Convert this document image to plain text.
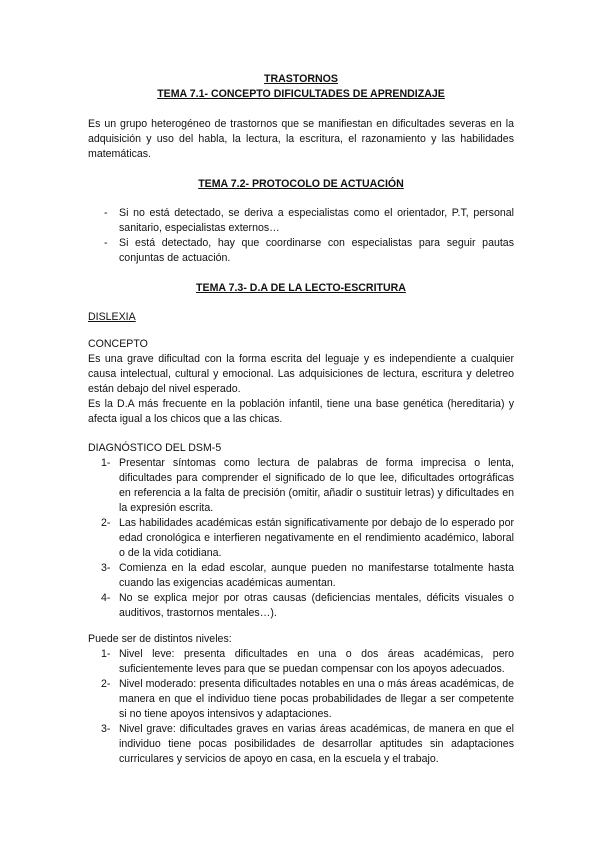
TRASTORNOS
TEMA 7.1- CONCEPTO DIFICULTADES DE APRENDIZAJE

Es un grupo heterogéneo de trastornos que se manifiestan en dificultades severas en la adquisición y uso del habla, la lectura, la escritura, el razonamiento y las habilidades matemáticas.

TEMA 7.2- PROTOCOLO DE ACTUACIÓN
- Si no está detectado, se deriva a especialistas como el orientador, P.T, personal sanitario, especialistas externos…
- Si está detectado, hay que coordinarse con especialistas para seguir pautas conjuntas de actuación.
TEMA 7.3- D.A DE LA LECTO-ESCRITURA
DISLEXIA
CONCEPTO

Es una grave dificultad con la forma escrita del leguaje y es independiente a cualquier causa intelectual, cultural y emocional. Las adquisiciones de lectura, escritura y deletreo están debajo del nivel esperado.

Es la D.A más frecuente en la población infantil, tiene una base genética (hereditaria) y afecta igual a los chicos que a las chicas.

DIAGNÓSTICO DEL DSM-5
1- Presentar síntomas como lectura de palabras de forma imprecisa o lenta, dificultades para comprender el significado de lo que lee, dificultades ortográficas en referencia a la falta de precisión (omitir, añadir o sustituir letras) y dificultades en la expresión escrita.
2- Las habilidades académicas están significativamente por debajo de lo esperado por edad cronológica e interfieren negativamente en el rendimiento académico, laboral o de la vida cotidiana.
3- Comienza en la edad escolar, aunque pueden no manifestarse totalmente hasta cuando las exigencias académicas aumentan.
4- No se explica mejor por otras causas (deficiencias mentales, déficits visuales o auditivos, trastornos mentales…).
Puede ser de distintos niveles:
1- Nivel leve: presenta dificultades en una o dos áreas académicas, pero suficientemente leves para que se puedan compensar con los apoyos adecuados.
2- Nivel moderado: presenta dificultades notables en una o más áreas académicas, de manera en que el individuo tiene pocas probabilidades de llegar a ser competente si no tiene apoyos intensivos y adaptaciones.
3- Nivel grave: dificultades graves en varias áreas académicas, de manera en que el individuo tiene pocas posibilidades de desarrollar aptitudes sin adaptaciones curriculares y servicios de apoyo en casa, en la escuela y el trabajo.
